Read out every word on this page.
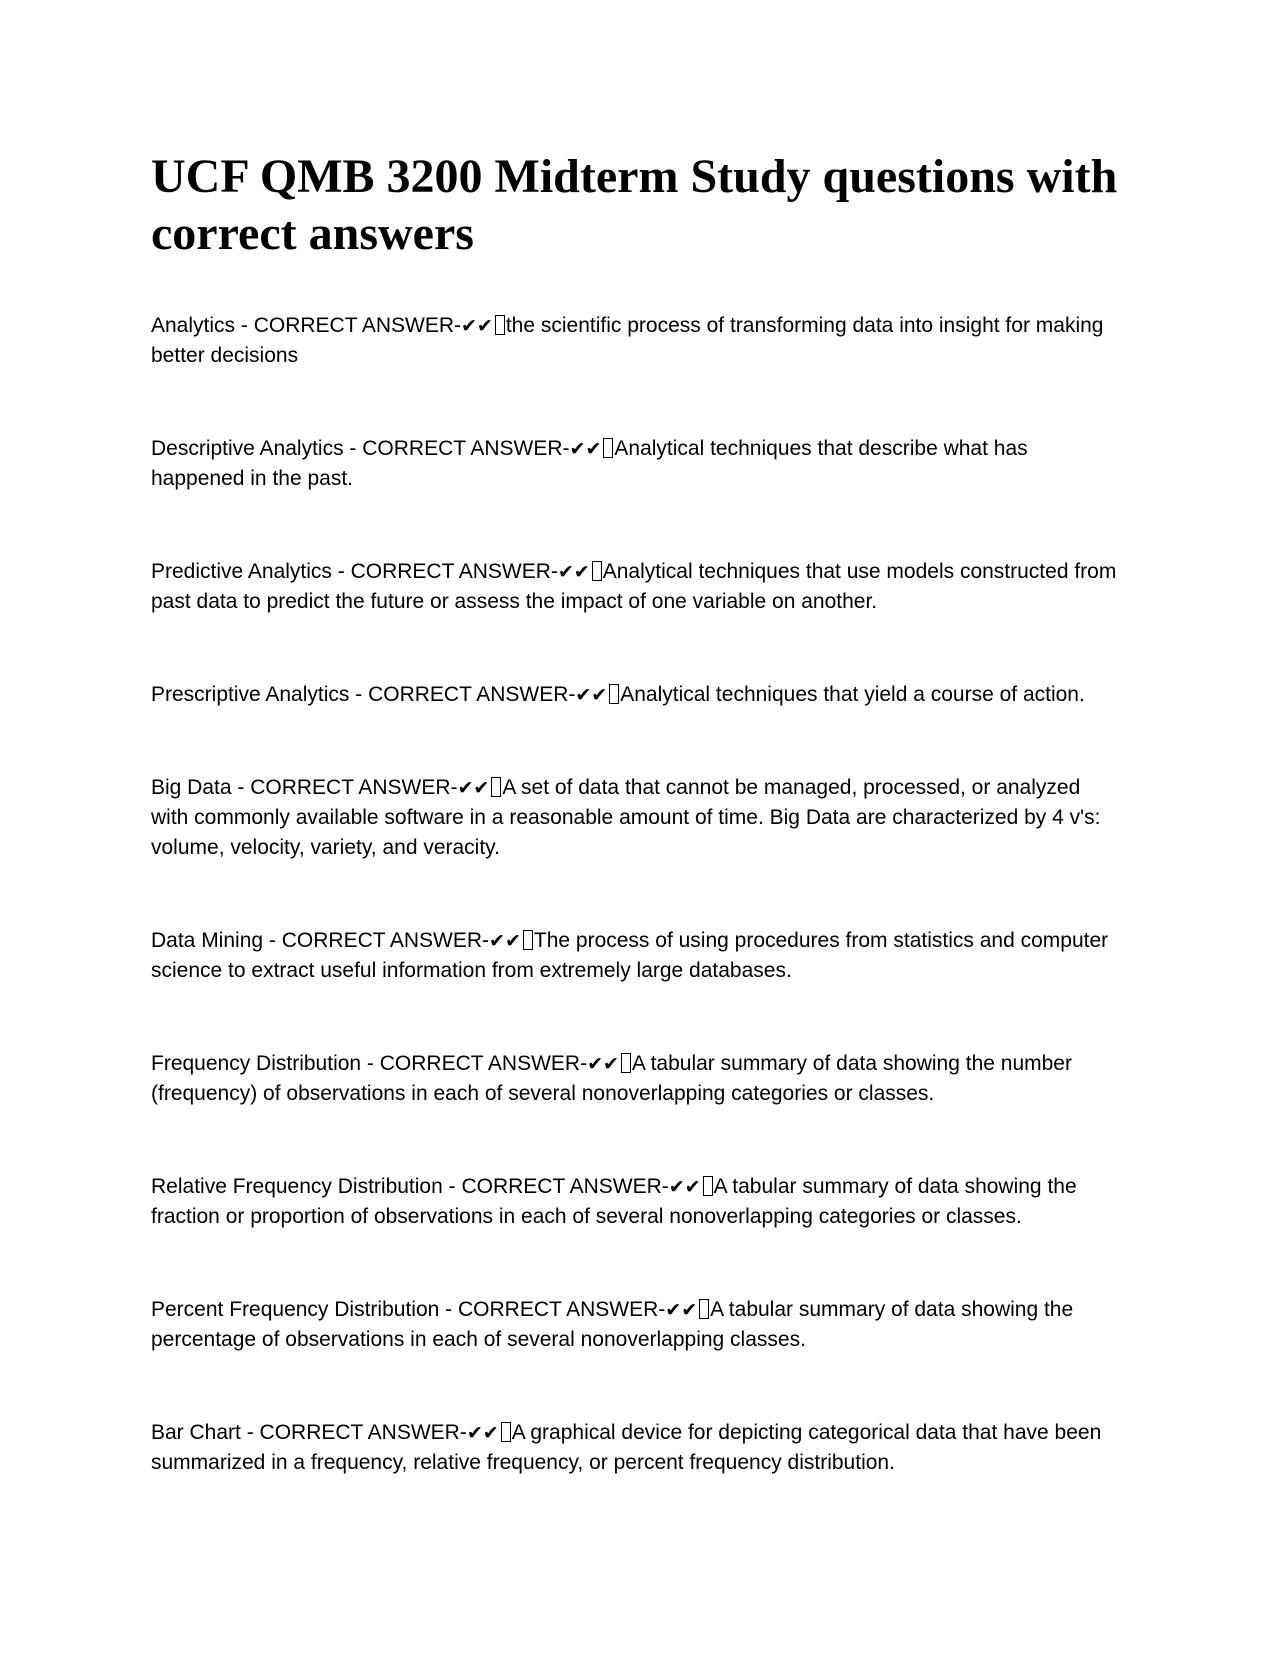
UCF QMB 3200 Midterm Study questions with correct answers

Analytics - CORRECT ANSWER-✔✔ the scientific process of transforming data into insight for making better decisions

Descriptive Analytics - CORRECT ANSWER-✔✔ Analytical techniques that describe what has happened in the past.

Predictive Analytics - CORRECT ANSWER-✔✔ Analytical techniques that use models constructed from past data to predict the future or assess the impact of one variable on another.

Prescriptive Analytics - CORRECT ANSWER-✔✔ Analytical techniques that yield a course of action.

Big Data - CORRECT ANSWER-✔✔ A set of data that cannot be managed, processed, or analyzed with commonly available software in a reasonable amount of time. Big Data are characterized by 4 v's: volume, velocity, variety, and veracity.

Data Mining - CORRECT ANSWER-✔✔ The process of using procedures from statistics and computer science to extract useful information from extremely large databases.

Frequency Distribution - CORRECT ANSWER-✔✔ A tabular summary of data showing the number (frequency) of observations in each of several nonoverlapping categories or classes.

Relative Frequency Distribution - CORRECT ANSWER-✔✔ A tabular summary of data showing the fraction or proportion of observations in each of several nonoverlapping categories or classes.

Percent Frequency Distribution - CORRECT ANSWER-✔✔ A tabular summary of data showing the percentage of observations in each of several nonoverlapping classes.

Bar Chart - CORRECT ANSWER-✔✔ A graphical device for depicting categorical data that have been summarized in a frequency, relative frequency, or percent frequency distribution.
